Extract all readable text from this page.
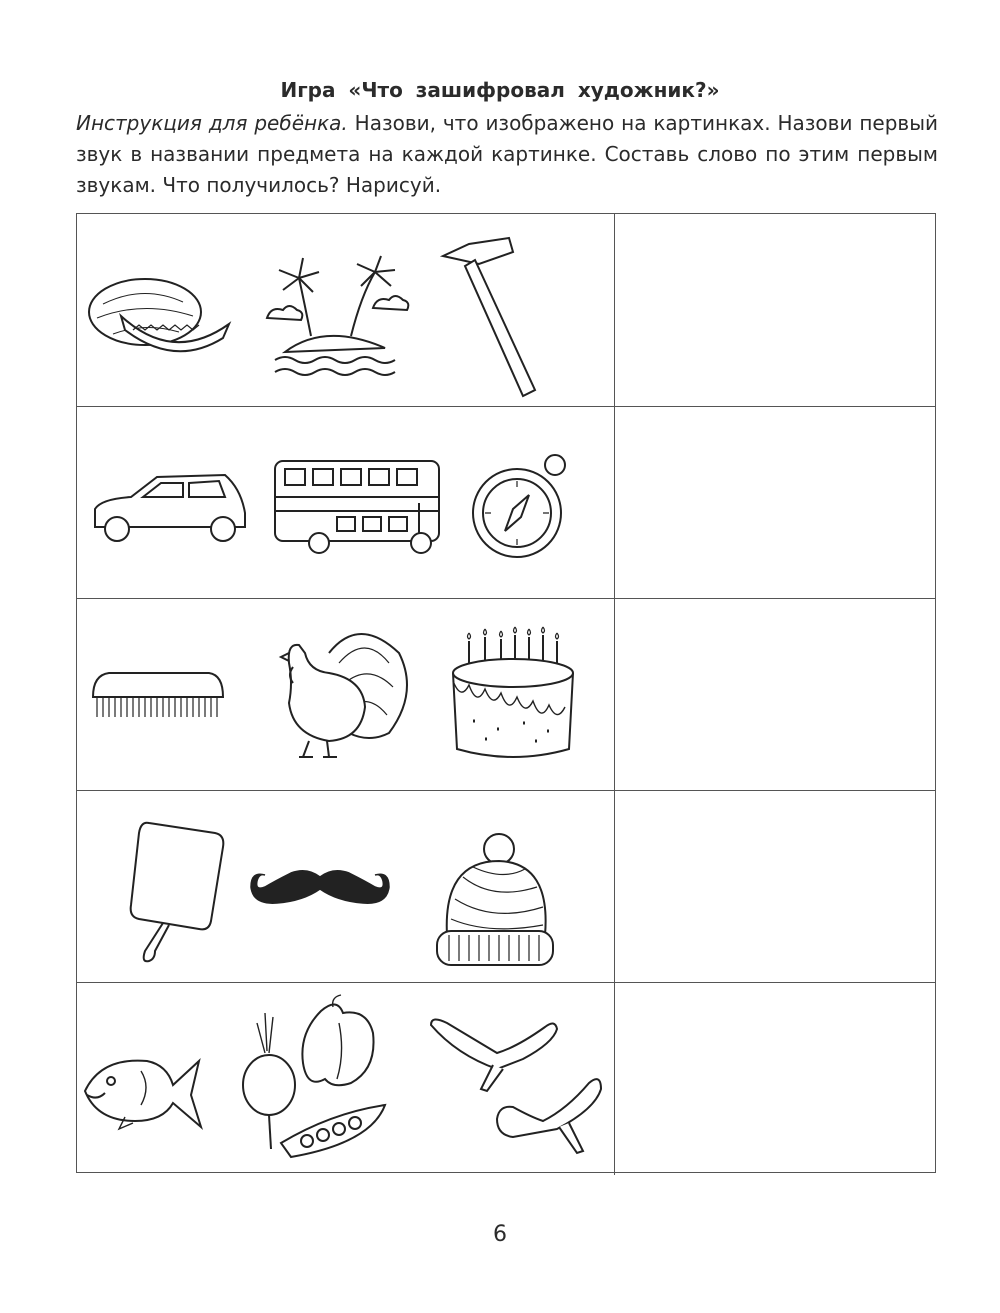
Игра «Что зашифровал художник?»
Инструкция для ребёнка. Назови, что изображено на картинках. Назови первый звук в названии предмета на каждой картинке. Составь слово по этим первым звукам. Что получилось? Нарисуй.
6
